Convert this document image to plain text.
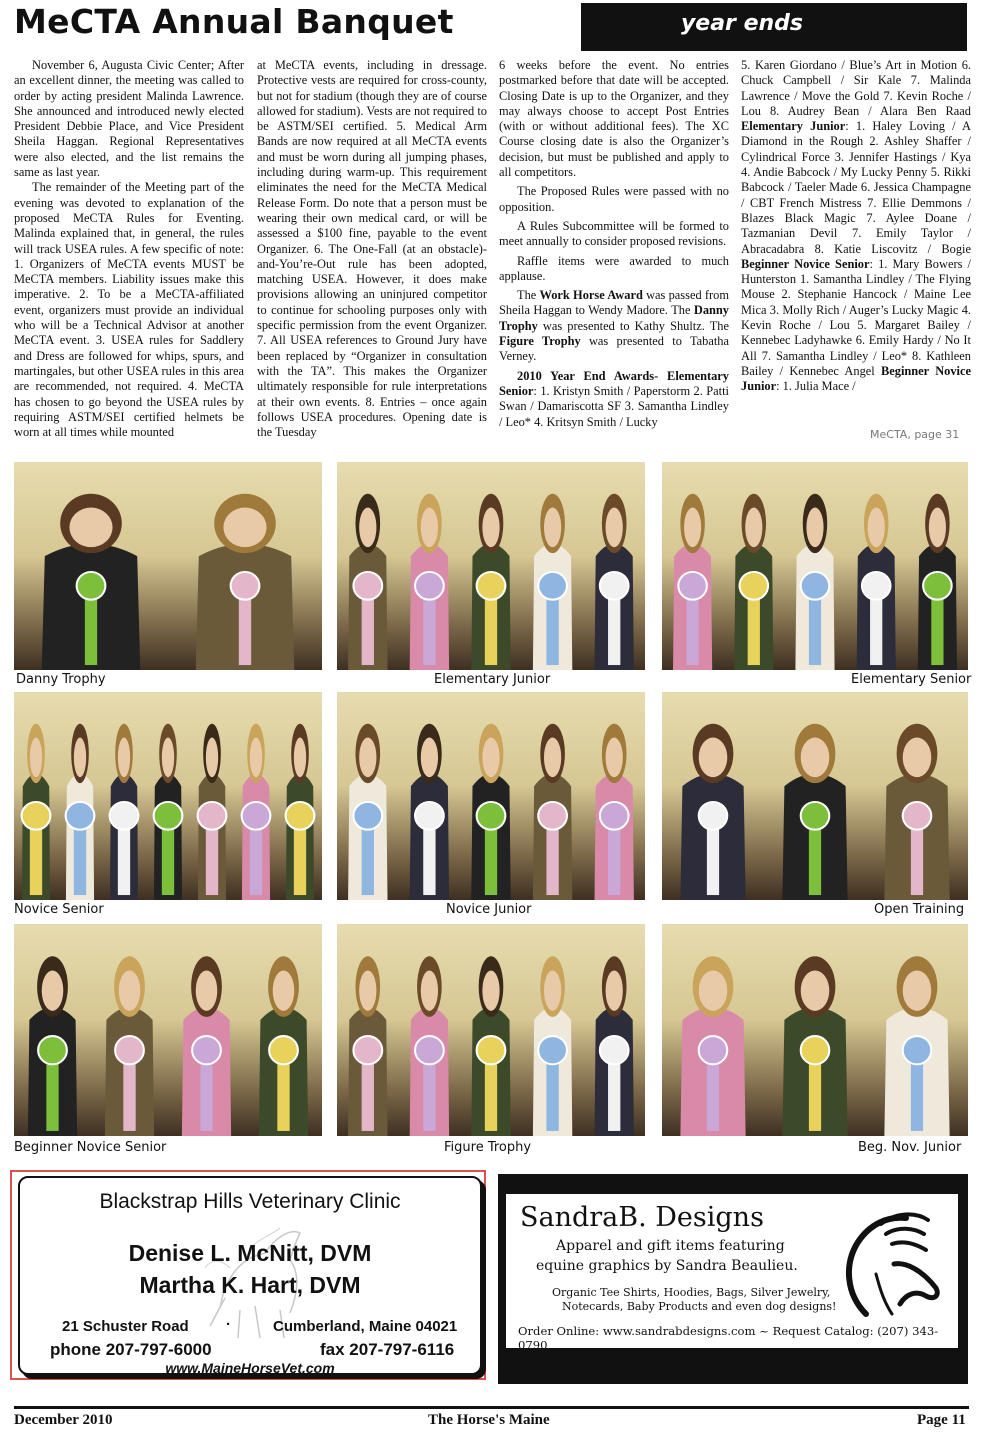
MeCTA Annual Banquet	year ends

November 6, Augusta Civic Center; After an excellent dinner, the meeting was called to order by acting president Malinda Lawrence. She announced and introduced newly elected President Debbie Place, and Vice President Sheila Haggan. Regional Representatives were also elected, and the list remains the same as last year.

The remainder of the Meeting part of the evening was devoted to explanation of the proposed MeCTA Rules for Eventing. Malinda explained that, in general, the rules will track USEA rules. A few specific of note: 1. Organizers of MeCTA events MUST be MeCTA members. Liability issues make this imperative. 2. To be a MeCTA-affiliated event, organizers must provide an individual who will be a Technical Advisor at another MeCTA event. 3. USEA rules for Saddlery and Dress are followed for whips, spurs, and martingales, but other USEA rules in this area are recommended, not required. 4. MeCTA has chosen to go beyond the USEA rules by requiring ASTM/SEI certified helmets be worn at all times while mounted

at MeCTA events, including in dressage. Protective vests are required for cross-county, but not for stadium (though they are of course allowed for stadium). Vests are not required to be ASTM/SEI certified. 5. Medical Arm Bands are now required at all MeCTA events and must be worn during all jumping phases, including during warm-up. This requirement eliminates the need for the MeCTA Medical Release Form. Do note that a person must be wearing their own medical card, or will be assessed a $100 fine, payable to the event Organizer. 6. The One-Fall (at an obstacle)-and-You’re-Out rule has been adopted, matching USEA. However, it does make provisions allowing an uninjured competitor to continue for schooling purposes only with specific permission from the event Organizer. 7. All USEA references to Ground Jury have been replaced by “Organizer in consultation with the TA”. This makes the Organizer ultimately responsible for rule interpretations at their own events. 8. Entries – once again follows USEA procedures. Opening date is the Tuesday

6 weeks before the event. No entries postmarked before that date will be accepted. Closing Date is up to the Organizer, and they may always choose to accept Post Entries (with or without additional fees). The XC Course closing date is also the Organizer’s decision, but must be published and apply to all competitors.

The Proposed Rules were passed with no opposition.

A Rules Subcommittee will be formed to meet annually to consider proposed revisions.

Raffle items were awarded to much applause.

The Work Horse Award was passed from Sheila Haggan to Wendy Madore. The Danny Trophy was presented to Kathy Shultz. The Figure Trophy was presented to Tabatha Verney.

2010 Year End Awards- Elementary Senior: 1. Kristyn Smith / Paperstorm 2. Patti Swan / Damariscotta SF 3. Samantha Lindley / Leo* 4. Kritsyn Smith / Lucky

5. Karen Giordano / Blue’s Art in Motion 6. Chuck Campbell / Sir Kale 7. Malinda Lawrence / Move the Gold 7. Kevin Roche / Lou 8. Audrey Bean / Alara Ben Raad Elementary Junior: 1. Haley Loving / A Diamond in the Rough 2. Ashley Shaffer / Cylindrical Force 3. Jennifer Hastings / Kya 4. Andie Babcock / My Lucky Penny 5. Rikki Babcock / Taeler Made 6. Jessica Champagne / CBT French Mistress 7. Ellie Demmons / Blazes Black Magic 7. Aylee Doane / Tazmanian Devil 7. Emily Taylor / Abracadabra 8. Katie Liscovitz / Bogie Beginner Novice Senior: 1. Mary Bowers / Hunterston 1. Samantha Lindley / The Flying Mouse 2. Stephanie Hancock / Maine Lee Mica 3. Molly Rich / Auger’s Lucky Magic 4. Kevin Roche / Lou 5. Margaret Bailey / Kennebec Ladyhawke 6. Emily Hardy / No It All 7. Samantha Lindley / Leo* 8. Kathleen Bailey / Kennebec Angel Beginner Novice Junior: 1. Julia Mace /

MeCTA, page 31
Danny Trophy	Elementary Junior	Elementary Senior
Novice Senior	Novice Junior	Open Training
Beginner Novice Senior	Figure Trophy	Beg. Nov. Junior
Blackstrap Hills Veterinary Clinic
Denise L. McNitt, DVM
Martha K. Hart, DVM
21 Schuster Road ·	Cumberland, Maine 04021
phone 207-797-6000	fax 207-797-6116
www.MaineHorseVet.com
SandraB. Designs
Apparel and gift items featuring
equine graphics by Sandra Beaulieu.
Organic Tee Shirts, Hoodies, Bags, Silver Jewelry,
Notecards, Baby Products and even dog designs!
Order Online: www.sandrabdesigns.com ~ Request Catalog: (207) 343-0790
December 2010	The Horse's Maine	Page 11
